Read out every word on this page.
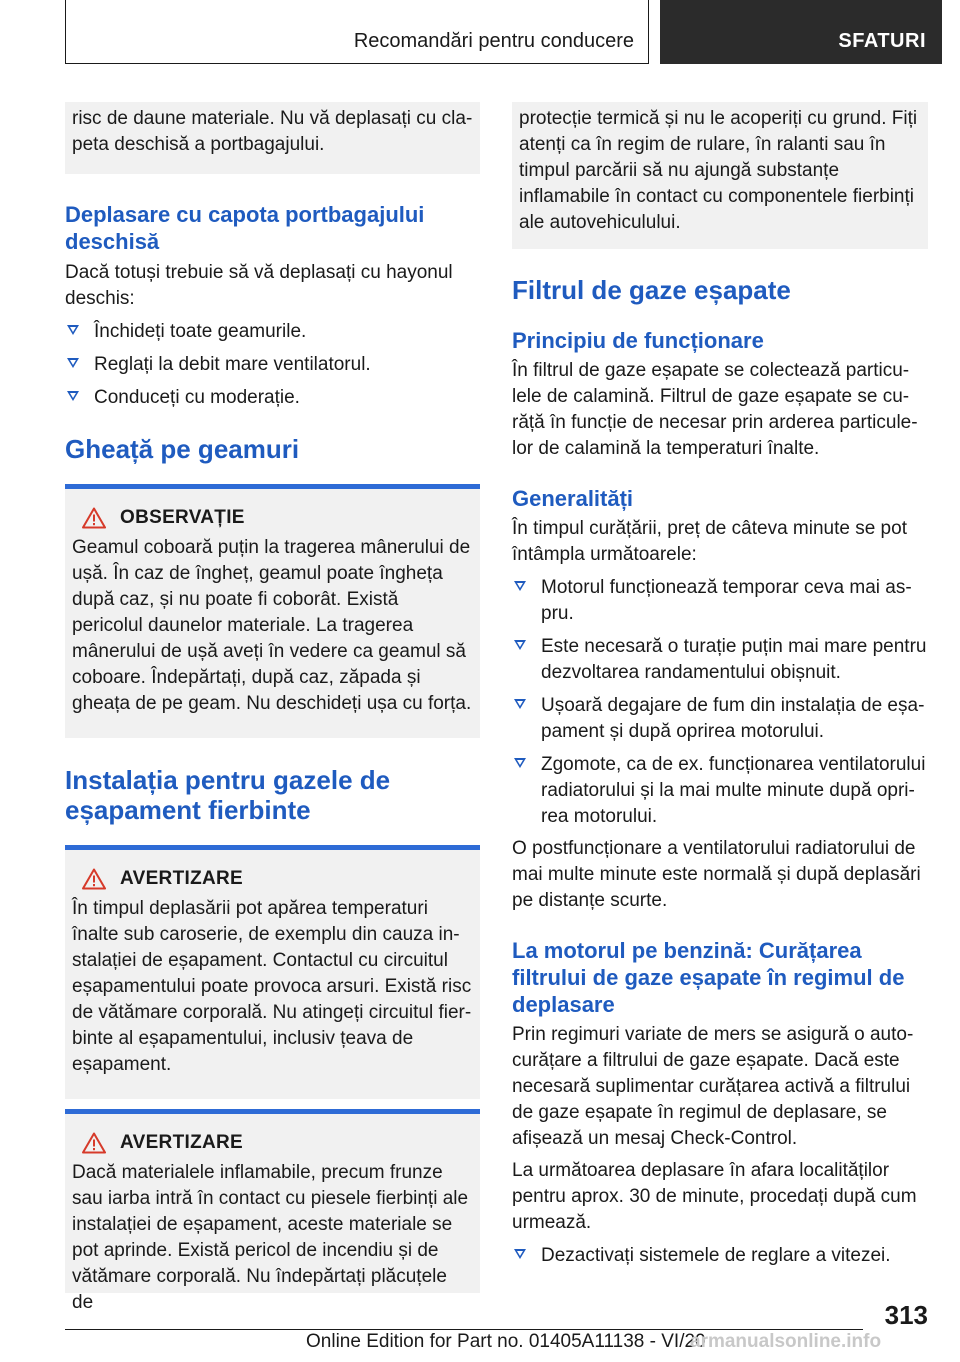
Recomandări pentru conducere	SFATURI

risc de daune materiale. Nu vă deplasați cu clapeta deschisă a portbagajului.

Deplasare cu capota portbagajului deschisă

Dacă totuși trebuie să vă deplasați cu hayonul deschis:

Închideți toate geamurile.
Reglați la debit mare ventilatorul.
Conduceți cu moderație.
Gheață pe geamuri
OBSERVAȚIE

Geamul coboară puțin la tragerea mânerului de ușă. În caz de îngheț, geamul poate îngheța după caz, și nu poate fi coborât. Există pericolul daunelor materiale. La tragerea mânerului de ușă aveți în vedere ca geamul să coboare. Îndepărtați, după caz, zăpada și gheața de pe geam. Nu deschideți ușa cu forța.

Instalația pentru gazele de eșapament fierbinte
AVERTIZARE

În timpul deplasării pot apărea temperaturi înalte sub caroserie, de exemplu din cauza instalației de eșapament. Contactul cu circuitul eșapamentului poate provoca arsuri. Există risc de vătămare corporală. Nu atingeți circuitul fierbinte al eșapamentului, inclusiv țeava de eșapament.

AVERTIZARE

Dacă materialele inflamabile, precum frunze sau iarba intră în contact cu piesele fierbinți ale instalației de eșapament, aceste materiale se pot aprinde. Există pericol de incendiu și de vătămare corporală. Nu îndepărtați plăcuțele de

protecție termică și nu le acoperiți cu grund. Fiți atenți ca în regim de rulare, în ralanti sau în timpul parcării să nu ajungă substanțe inflamabile în contact cu componentele fierbinți ale autovehiculului.

Filtrul de gaze eșapate
Principiu de funcționare

În filtrul de gaze eșapate se colectează particulele de calamină. Filtrul de gaze eșapate se curăță în funcție de necesar prin arderea particulelor de calamină la temperaturi înalte.

Generalități

În timpul curățării, preț de câteva minute se pot întâmpla următoarele:

Motorul funcționează temporar ceva mai aspru.
Este necesară o turație puțin mai mare pentru dezvoltarea randamentului obișnuit.
Ușoară degajare de fum din instalația de eșapament și după oprirea motorului.
Zgomote, ca de ex. funcționarea ventilatorului radiatorului și la mai multe minute după oprirea motorului.

O postfuncționare a ventilatorului radiatorului de mai multe minute este normală și după deplasări pe distanțe scurte.

La motorul pe benzină: Curățarea filtrului de gaze eșapate în regimul de deplasare

Prin regimuri variate de mers se asigură o autocurățare a filtrului de gaze eșapate. Dacă este necesară suplimentar curățarea activă a filtrului de gaze eșapate în regimul de deplasare, se afișează un mesaj Check-Control.

La următoarea deplasare în afara localităților pentru aprox. 30 de minute, procedați după cum urmează.

Dezactivați sistemele de reglare a vitezei.
313
Online Edition for Part no. 01405A11138 - VI/20
armanualsonline.info
